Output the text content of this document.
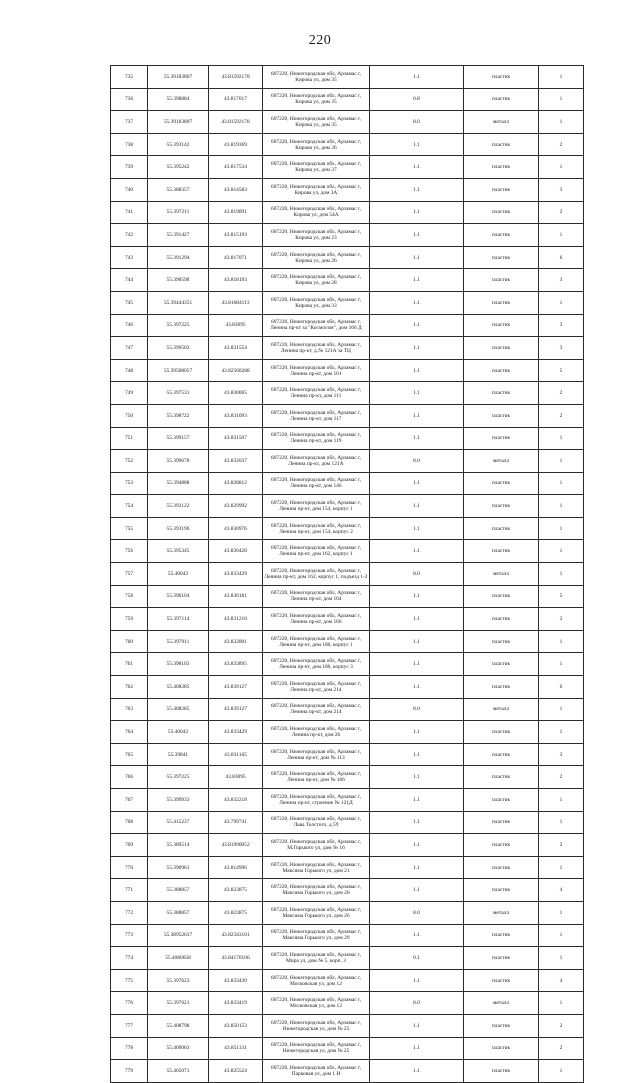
220
735	55.39183807	43.81592178	607220, Нижегородская обл, Арзамас г,
Кирова ул, дом 35	1.1	пластик	1
736	55.398884	43.817017	607220, Нижегородская обл, Арзамас г,
Кирова ул, дом 35	0.8	пластик	1
737	55.39183807	43.81592178	607220, Нижегородская обл, Арзамас г,
Кирова ул, дом 35	8.0	металл	1
738	55.393142	43.819369	607220, Нижегородская обл, Арзамас г,
Кирова ул, дом 36	1.1	пластик	2
739	55.395242	43.817534	607220, Нижегородская обл, Арзамас г,
Кирова ул, дом 37	1.1	пластик	1
740	55.388357	43.814583	607220, Нижегородская обл, Арзамас г,
Кирова ул, дом 3А	1.1	пластик	3
741	55.397211	43.819891	607220, Нижегородская обл, Арзамас г,
Кирова ул, дом 54А	1.1	пластик	2
742	55.391427	43.815193	607220, Нижегородская обл, Арзамас г,
Кирова ул, дом 23	1.1	пластик	1
743	55.391294	43.817071	607220, Нижегородская обл, Арзамас г,
Кирова ул, дом 26	1.1	пластик	6
744	55.390598	43.818193	607220, Нижегородская обл, Арзамас г,
Кирова ул, дом 28	1.1	пластик	3
745	55.39444351	43.81684113	607220, Нижегородская обл, Арзамас г,
Кирова ул, дом 33	1.1	пластик	1
746	55.397225	43.83095	607220, Нижегородская обл, Арзамас г,
Ленина пр-кт за "Космосом", дом 166 Д	1.1	пластик	3
747	55.399502	43.831554	607220, Нижегородская обл, Арзамас г,
Ленина пр-кт, д.№ 121А за ТЦ	1.1	пластик	3
748	55.39508057	43.82560288	607220, Нижегородская обл, Арзамас г,
Ленина пр-кт, дом 101	1.1	пластик	5
749	55.397531	43.830065	607220, Нижегородская обл, Арзамас г,
Ленина пр-кт, дом 111	1.1	пластик	2
750	55.398722	43.831093	607220, Нижегородская обл, Арзамас г,
Ленина пр-кт, дом 117	1.1	пластик	2
751	55.399157	43.831507	607220, Нижегородская обл, Арзамас г,
Ленина пр-кт, дом 119	1.1	пластик	1
752	55.399678	43.832037	607220, Нижегородская обл, Арзамас г,
Ленина пр-кт, дом 121А	8.0	металл	1
753	55.394888	43.828812	607220, Нижегородская обл, Арзамас г,
Ленина пр-кт, дом 146	1.1	пластик	1
754	55.393122	43.829992	607220, Нижегородская обл, Арзамас г,
Ленина пр-кт, дом 154, корпус 1	1.1	пластик	1
755	55.393196	43.830976	607220, Нижегородская обл, Арзамас г,
Ленина пр-кт, дом 154, корпус 2	1.1	пластик	1
756	55.395345	43.830428	607220, Нижегородская обл, Арзамас г,
Ленина пр-кт, дом 162, корпус 1	1.1	пластик	1
757	55.40043	43.833429	607220, Нижегородская обл, Арзамас г,
Ленина пр-кт, дом 162, корпус 1, подъезд 1-2	8.0	металл	1
758	55.396104	43.830181	607220, Нижегородская обл, Арзамас г,
Ленина пр-кт, дом 164	1.1	пластик	5
759	55.397114	43.831216	607220, Нижегородская обл, Арзамас г,
Ленина пр-кт, дом 166	1.1	пластик	2
760	55.397911	43.832801	607220, Нижегородская обл, Арзамас г,
Ленина пр-кт, дом 180, корпус 1	1.1	пластик	1
761	55.398103	43.833895	607220, Нижегородская обл, Арзамас г,
Ленина пр-кт, дом 186, корпус 3	1.1	пластик	1
762	55.408285	43.839127	607220, Нижегородская обл, Арзамас г,
Ленина пр-кт, дом 214	1.1	пластик	6
763	55.408285	43.839127	607220, Нижегородская обл, Арзамас г,
Ленина пр-кт, дом 214	8.0	металл	1
764	55.40043	43.833429	607220, Нижегородская обл, Арзамас г,
Ленина пр-кт, дом 26	1.1	пластик	1
765	55.39841	43.831165	607220, Нижегородская обл, Арзамас г,
Ленина пр-кт, дом № 113	1.1	пластик	3
766	55.397225	43.83095	607220, Нижегородская обл, Арзамас г,
Ленина пр-кт, дом № 166	1.1	пластик	2
767	55.399933	43.832218	607220, Нижегородская обл, Арзамас г,
Ленина пр-кт, строение № 121Д	1.1	пластик	1
768	55.415237	43.799741	607220, Нижегородская обл, Арзамас г,
Льва Толстого, д.59	1.1	пластик	1
769	55.389514	43.81990052	607220, Нижегородская обл, Арзамас г,
М.Горького ул, дом № 16	1.1	пластик	2
770	55.390961	43.814996	607220, Нижегородская обл, Арзамас г,
Максима Горького ул, дом 21	1.1	пластик	1
771	55.388857	43.823875	607220, Нижегородская обл, Арзамас г,
Максима Горького ул, дом 26	1.1	пластик	4
772	55.388857	43.823875	607220, Нижегородская обл, Арзамас г,
Максима Горького ул, дом 26	8.0	металл	1
773	55.38952637	43.82343101	607220, Нижегородская обл, Арзамас г,
Максима Горького ул, дом 29	1.1	пластик	1
774	55.4080658	43.84170106	607220, Нижегородская обл, Арзамас г,
Мира ул, дом № 5, корп. 3	0.1	пластик	1
775	55.397623	43.833430	607220, Нижегородская обл, Арзамас г,
Московская ул, дом 12	1.1	пластик	4
776	55.397621	43.833419	607220, Нижегородская обл, Арзамас г,
Московская ул, дом 12	8.0	металл	1
777	55.408798	43.850153	607220, Нижегородская обл, Арзамас г,
Нижегородская ул, дом № 25	1.1	пластик	2
778	55.409063	43.851131	607220, Нижегородская обл, Арзамас г,
Нижегородская ул, дом № 25	1.1	пластик	2
779	55.405071	43.825524	607220, Нижегородская обл, Арзамас г,
Парковая ул, дом 1 Н	1.1	пластик	1
